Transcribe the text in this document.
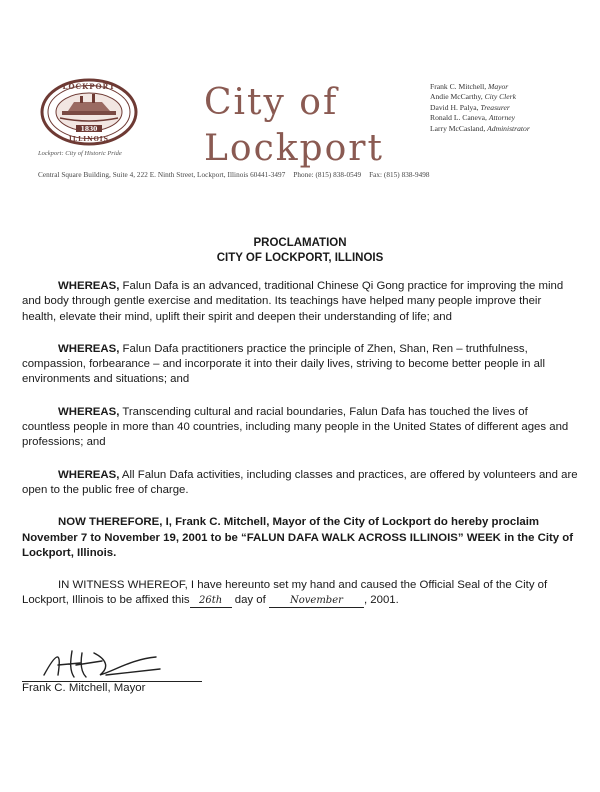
LOCKPORT
ILLINOIS
1830
Lockport: City of Historic Pride
City of
Lockport
Frank C. Mitchell, Mayor
Andie McCarthy, City Clerk
David H. Palya, Treasurer
Ronald L. Caneva, Attorney
Larry McCasland, Administrator
Central Square Building, Suite 4, 222 E. Ninth Street, Lockport, Illinois 60441-3497 Phone: (815) 838-0549 Fax: (815) 838-9498
PROCLAMATION
CITY OF LOCKPORT, ILLINOIS

WHEREAS, Falun Dafa is an advanced, traditional Chinese Qi Gong practice for improving the mind and body through gentle exercise and meditation. Its teachings have helped many people improve their health, elevate their mind, uplift their spirit and deepen their understanding of life; and

WHEREAS, Falun Dafa practitioners practice the principle of Zhen, Shan, Ren – truthfulness, compassion, forbearance – and incorporate it into their daily lives, striving to become better people in all environments and situations; and

WHEREAS, Transcending cultural and racial boundaries, Falun Dafa has touched the lives of countless people in more than 40 countries, including many people in the United States of different ages and professions; and

WHEREAS, All Falun Dafa activities, including classes and practices, are offered by volunteers and are open to the public free of charge.

NOW THEREFORE, I, Frank C. Mitchell, Mayor of the City of Lockport do hereby proclaim November 7 to November 19, 2001 to be “FALUN DAFA WALK ACROSS ILLINOIS” WEEK in the City of Lockport, Illinois.

IN WITNESS WHEREOF, I have hereunto set my hand and caused the Official Seal of the City of Lockport, Illinois to be affixed this 26th day of November , 2001.

Frank C. Mitchell, Mayor
